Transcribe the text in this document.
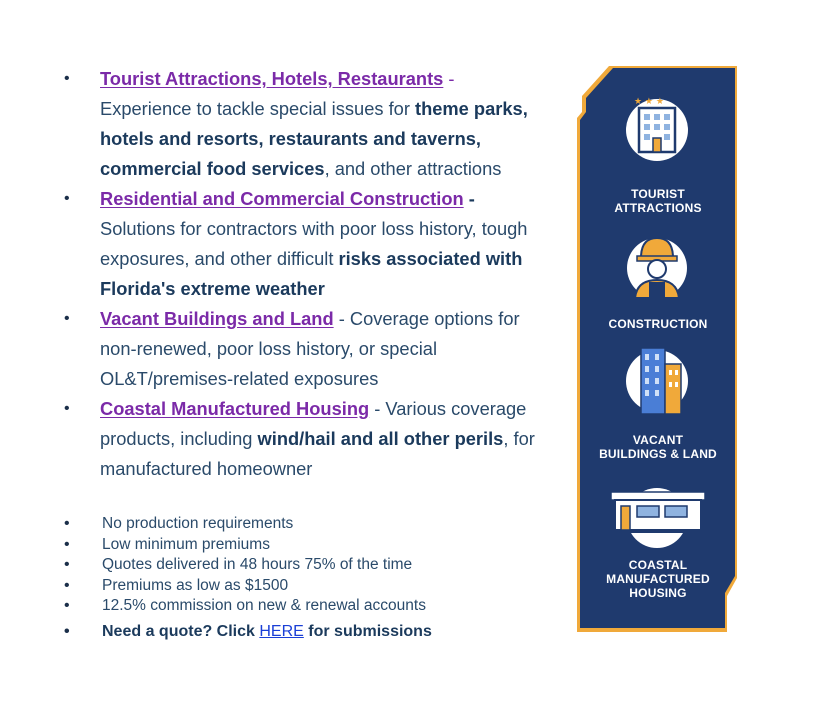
• Tourist Attractions, Hotels, Restaurants - Experience to tackle special issues for theme parks, hotels and resorts, restaurants and taverns, commercial food services, and other attractions
• Residential and Commercial Construction - Solutions for contractors with poor loss history, tough exposures, and other difficult risks associated with Florida's extreme weather
• Vacant Buildings and Land - Coverage options for non-renewed, poor loss history, or special OL&T/premises-related exposures
• Coastal Manufactured Housing - Various coverage products, including wind/hail and all other perils, for manufactured homeowner
• No production requirements
• Low minimum premiums
• Quotes delivered in 48 hours 75% of the time
• Premiums as low as $1500
• 12.5% commission on new & renewal accounts
• Need a quote? Click HERE for submissions
★ ★ ★
TOURIST
ATTRACTIONS
CONSTRUCTION
VACANT
BUILDINGS & LAND
COASTAL
MANUFACTURED
HOUSING
